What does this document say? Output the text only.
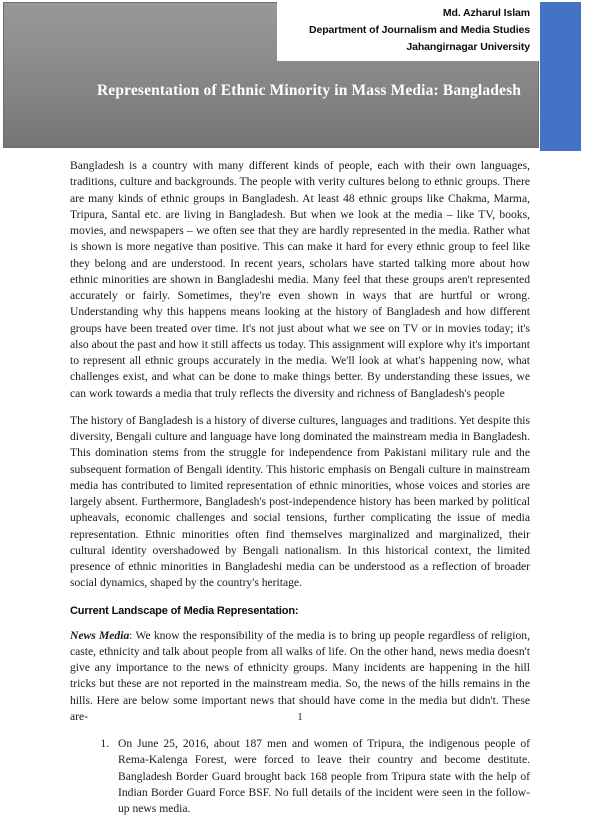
Md. Azharul Islam
Department of Journalism and Media Studies
Jahangirnagar University
Representation of Ethnic Minority in Mass Media: Bangladesh

Bangladesh is a country with many different kinds of people, each with their own languages, traditions, culture and backgrounds. The people with verity cultures belong to ethnic groups. There are many kinds of ethnic groups in Bangladesh. At least 48 ethnic groups like Chakma, Marma, Tripura, Santal etc. are living in Bangladesh. But when we look at the media – like TV, books, movies, and newspapers – we often see that they are hardly represented in the media. Rather what is shown is more negative than positive. This can make it hard for every ethnic group to feel like they belong and are understood. In recent years, scholars have started talking more about how ethnic minorities are shown in Bangladeshi media. Many feel that these groups aren't represented accurately or fairly. Sometimes, they're even shown in ways that are hurtful or wrong. Understanding why this happens means looking at the history of Bangladesh and how different groups have been treated over time. It's not just about what we see on TV or in movies today; it's also about the past and how it still affects us today. This assignment will explore why it's important to represent all ethnic groups accurately in the media. We'll look at what's happening now, what challenges exist, and what can be done to make things better. By understanding these issues, we can work towards a media that truly reflects the diversity and richness of Bangladesh's people

The history of Bangladesh is a history of diverse cultures, languages and traditions. Yet despite this diversity, Bengali culture and language have long dominated the mainstream media in Bangladesh. This domination stems from the struggle for independence from Pakistani military rule and the subsequent formation of Bengali identity. This historic emphasis on Bengali culture in mainstream media has contributed to limited representation of ethnic minorities, whose voices and stories are largely absent. Furthermore, Bangladesh's post-independence history has been marked by political upheavals, economic challenges and social tensions, further complicating the issue of media representation. Ethnic minorities often find themselves marginalized and marginalized, their cultural identity overshadowed by Bengali nationalism. In this historical context, the limited presence of ethnic minorities in Bangladeshi media can be understood as a reflection of broader social dynamics, shaped by the country's heritage.

Current Landscape of Media Representation:

News Media: We know the responsibility of the media is to bring up people regardless of religion, caste, ethnicity and talk about people from all walks of life. On the other hand, news media doesn't give any importance to the news of ethnicity groups. Many incidents are happening in the hill tricks but these are not reported in the mainstream media. So, the news of the hills remains in the hills. Here are below some important news that should have come in the media but didn't. These are-

1. On June 25, 2016, about 187 men and women of Tripura, the indigenous people of Rema-Kalenga Forest, were forced to leave their country and become destitute. Bangladesh Border Guard brought back 168 people from Tripura state with the help of Indian Border Guard Force BSF. No full details of the incident were seen in the follow-up news media.
1
